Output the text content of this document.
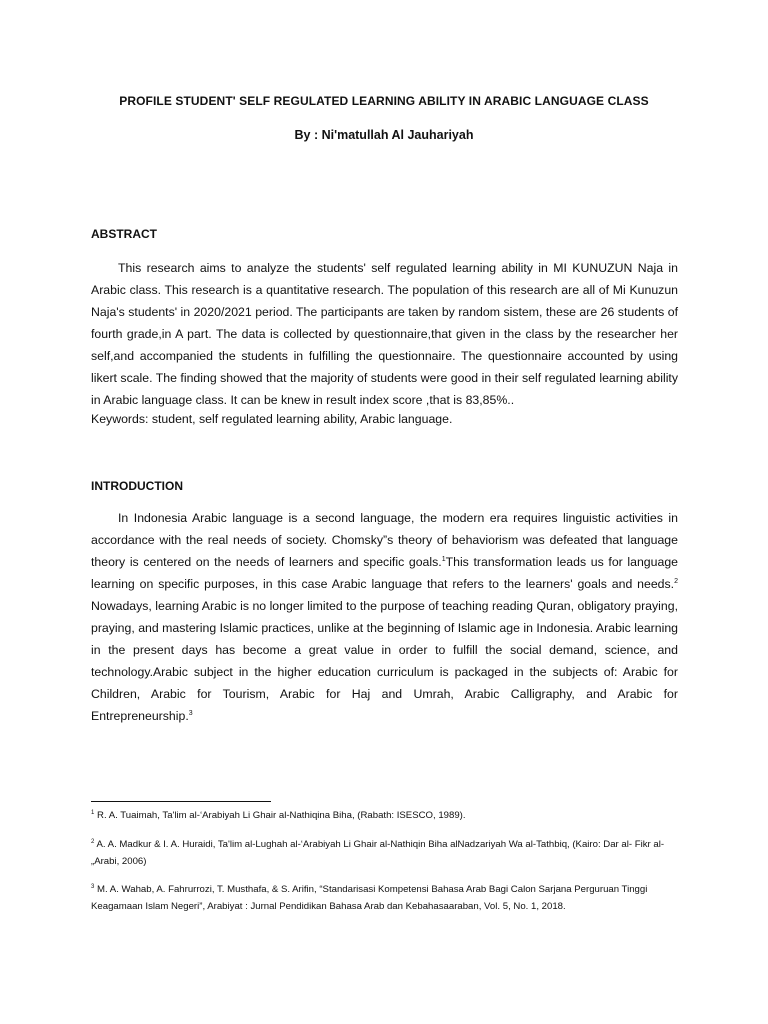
PROFILE STUDENT' SELF REGULATED LEARNING ABILITY IN ARABIC LANGUAGE CLASS
By : Ni'matullah Al Jauhariyah
ABSTRACT
This research aims to analyze the students' self regulated learning ability in MI KUNUZUN Naja in Arabic class. This research is a quantitative research. The population of this research are all of Mi Kunuzun Naja's students' in 2020/2021 period. The participants are taken by random sistem, these are 26 students of fourth grade,in A part. The data is collected by questionnaire,that given in the class by the researcher her self,and accompanied the students in fulfilling the questionnaire. The questionnaire accounted by using likert scale. The finding showed that the majority of students were good in their self regulated learning ability in Arabic language class. It can be knew in result index score ,that is 83,85%..
Keywords: student, self regulated learning ability, Arabic language.
INTRODUCTION
In Indonesia Arabic language is a second language, the modern era requires linguistic activities in accordance with the real needs of society. Chomsky”s theory of behaviorism was defeated that language theory is centered on the needs of learners and specific goals.$^1$This transformation leads us for language learning on specific purposes, in this case Arabic language that refers to the learners' goals and needs.$^2$ Nowadays, learning Arabic is no longer limited to the purpose of teaching reading Quran, obligatory praying, praying, and mastering Islamic practices, unlike at the beginning of Islamic age in Indonesia. Arabic learning in the present days has become a great value in order to fulfill the social demand, science, and technology.Arabic subject in the higher education curriculum is packaged in the subjects of: Arabic for Children, Arabic for Tourism, Arabic for Haj and Umrah, Arabic Calligraphy, and Arabic for Entrepreneurship.$^3$
$^1$ R. A. Tuaimah, Ta'lim al-‘Arabiyah Li Ghair al-Nathiqina Biha, (Rabath: ISESCO, 1989).
$^2$ A. A. Madkur & I. A. Huraidi, Ta'lim al-Lughah al-‘Arabiyah Li Ghair al-Nathiqin Biha alNadzariyah Wa al-Tathbiq, (Kairo: Dar al- Fikr al-„Arabi, 2006)
$^3$ M. A. Wahab, A. Fahrurrozi, T. Musthafa, & S. Arifin, “Standarisasi Kompetensi Bahasa Arab Bagi Calon Sarjana Perguruan Tinggi Keagamaan Islam Negeri”, Arabiyat : Jurnal Pendidikan Bahasa Arab dan Kebahasaaraban, Vol. 5, No. 1, 2018.
